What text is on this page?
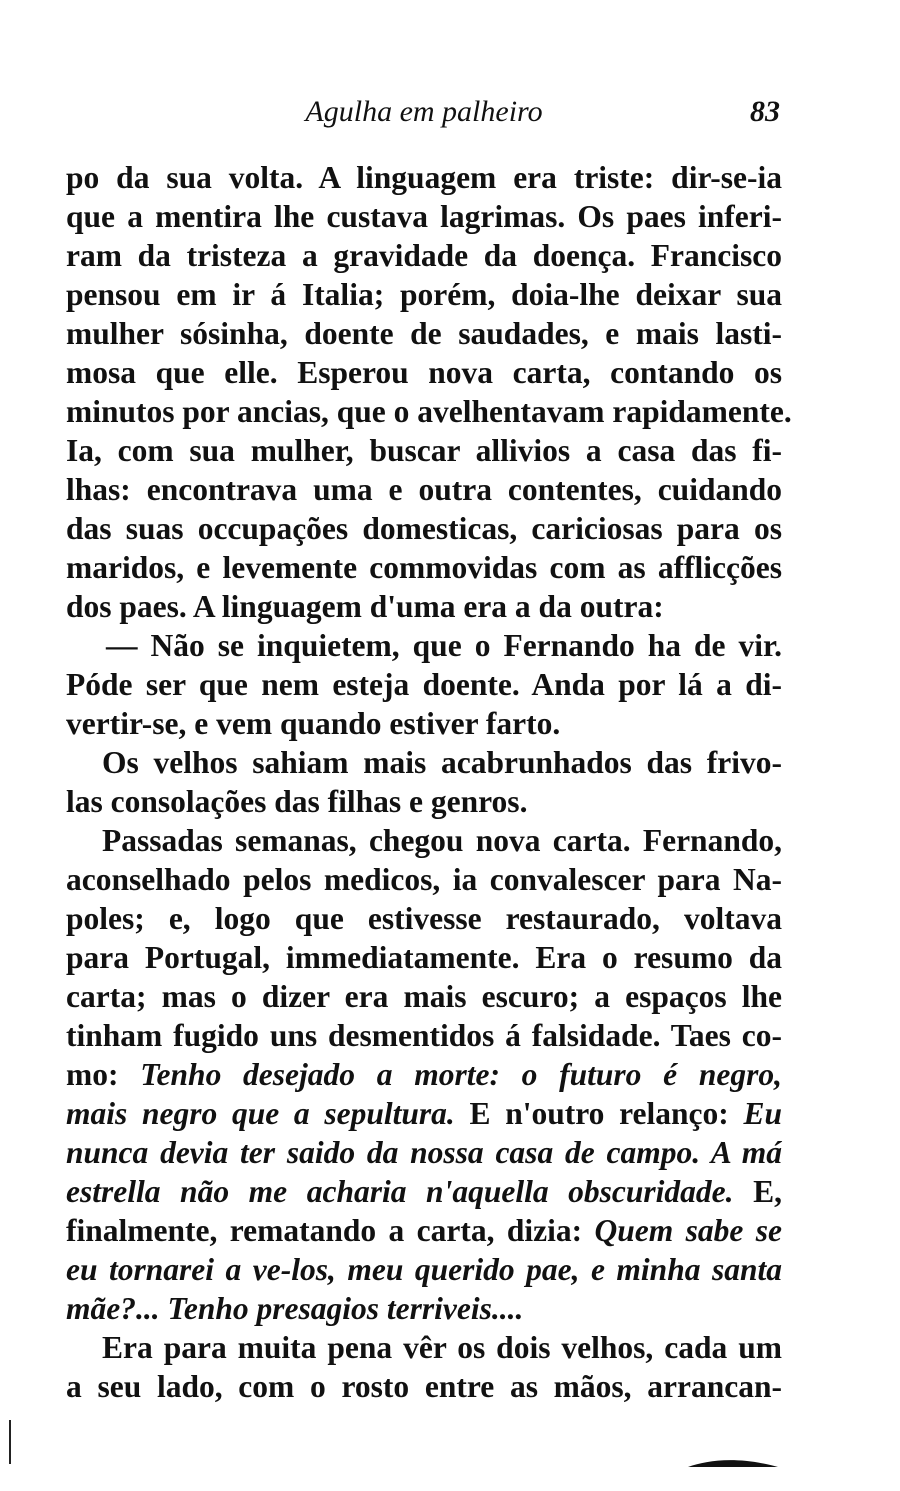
Agulha em palheiro	83
po da sua volta. A linguagem era triste: dir-se-ia
que a mentira lhe custava lagrimas. Os paes inferi-
ram da tristeza a gravidade da doença. Francisco
pensou em ir á Italia; porém, doia-lhe deixar sua
mulher sósinha, doente de saudades, e mais lasti-
mosa que elle. Esperou nova carta, contando os
minutos por ancias, que o avelhentavam rapidamente.
Ia, com sua mulher, buscar allivios a casa das fi-
lhas: encontrava uma e outra contentes, cuidando
das suas occupações domesticas, cariciosas para os
maridos, e levemente commovidas com as afflicções
dos paes. A linguagem d'uma era a da outra:
— Não se inquietem, que o Fernando ha de vir.
Póde ser que nem esteja doente. Anda por lá a di-
vertir-se, e vem quando estiver farto.
Os velhos sahiam mais acabrunhados das frivo-
las consolações das filhas e genros.
Passadas semanas, chegou nova carta. Fernando,
aconselhado pelos medicos, ia convalescer para Na-
poles; e, logo que estivesse restaurado, voltava
para Portugal, immediatamente. Era o resumo da
carta; mas o dizer era mais escuro; a espaços lhe
tinham fugido uns desmentidos á falsidade. Taes co-
mo: Tenho desejado a morte: o futuro é negro,
mais negro que a sepultura. E n'outro relanço: Eu
nunca devia ter saido da nossa casa de campo. A má
estrella não me acharia n'aquella obscuridade. E,
finalmente, rematando a carta, dizia: Quem sabe se
eu tornarei a ve-los, meu querido pae, e minha santa
mãe?... Tenho presagios terriveis....
Era para muita pena vêr os dois velhos, cada um
a seu lado, com o rosto entre as mãos, arrancan-
